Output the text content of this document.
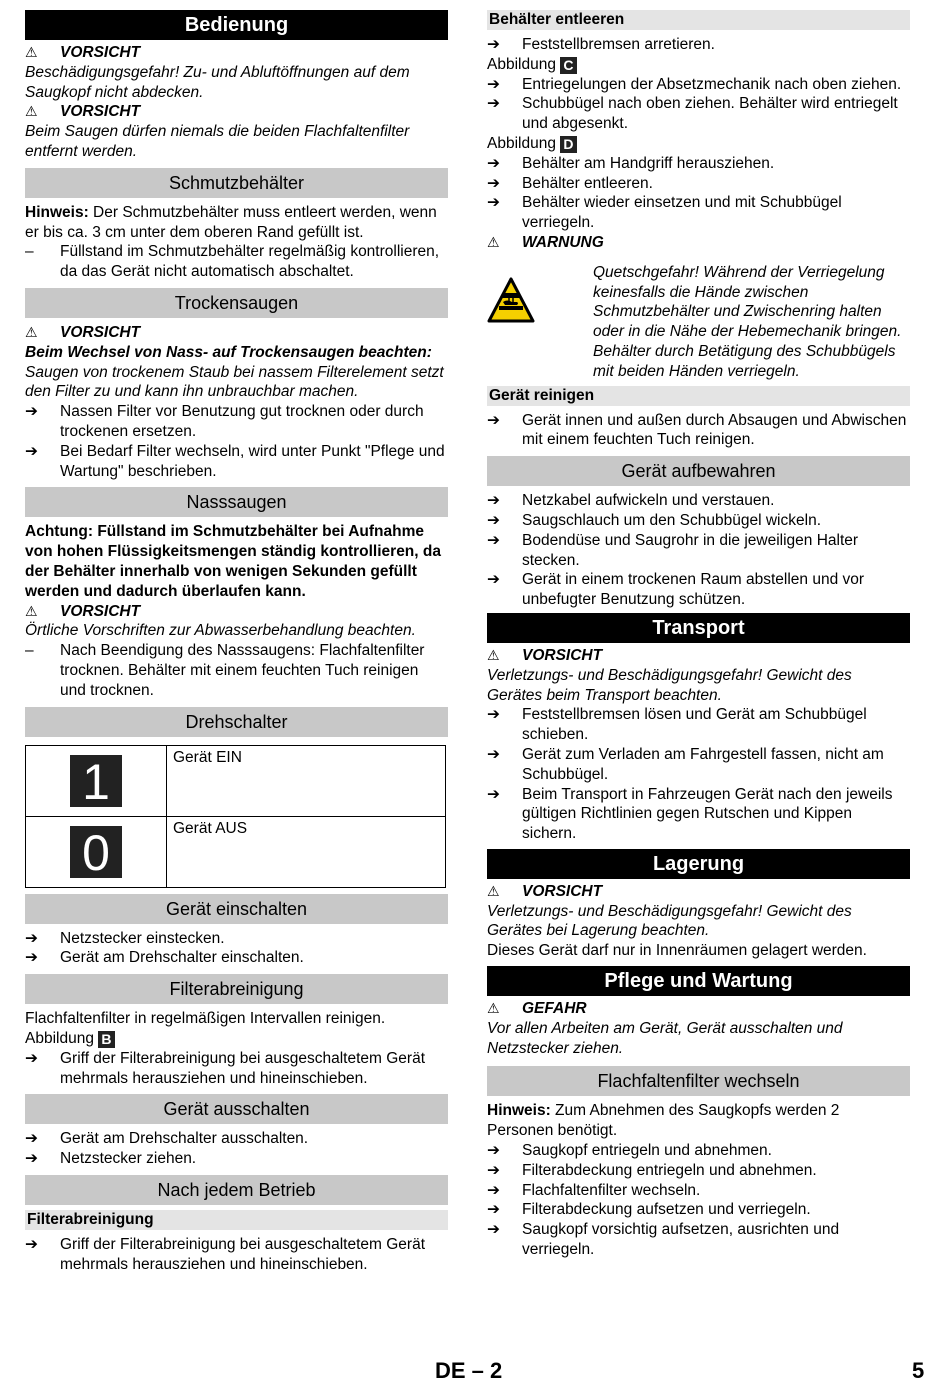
Bedienung
⚠	VORSICHT

Beschädigungsgefahr! Zu- und Abluftöffnungen auf dem Saugkopf nicht abdecken.

⚠	VORSICHT

Beim Saugen dürfen niemals die beiden Flachfaltenfilter entfernt werden.

Schmutzbehälter

Hinweis: Der Schmutzbehälter muss entleert werden, wenn er bis ca. 3 cm unter dem oberen Rand gefüllt ist.

–	Füllstand im Schmutzbehälter regelmäßig kontrollieren, da das Gerät nicht automatisch abschaltet.
Trockensaugen
⚠	VORSICHT

Beim Wechsel von Nass- auf Trockensaugen beachten:

Saugen von trockenem Staub bei nassem Filterelement setzt den Filter zu und kann ihn unbrauchbar machen.

➔	Nassen Filter vor Benutzung gut trocknen oder durch trockenen ersetzen.
➔	Bei Bedarf Filter wechseln, wird unter Punkt "Pflege und Wartung" beschrieben.
Nasssaugen

Achtung: Füllstand im Schmutzbehälter bei Aufnahme von hohen Flüssigkeitsmengen ständig kontrollieren, da der Behälter innerhalb von wenigen Sekunden gefüllt werden und dadurch überlaufen kann.

⚠	VORSICHT

Örtliche Vorschriften zur Abwasserbehandlung beachten.

–	Nach Beendigung des Nasssaugens: Flachfaltenfilter trocknen. Behälter mit einem feuchten Tuch reinigen und trocknen.
Drehschalter
1	Gerät EIN
0	Gerät AUS
Gerät einschalten
➔	Netzstecker einstecken.
➔	Gerät am Drehschalter einschalten.
Filterabreinigung

Flachfaltenfilter in regelmäßigen Intervallen reinigen.

Abbildung B

➔	Griff der Filterabreinigung bei ausgeschaltetem Gerät mehrmals herausziehen und hineinschieben.
Gerät ausschalten
➔	Gerät am Drehschalter ausschalten.
➔	Netzstecker ziehen.
Nach jedem Betrieb
Filterabreinigung
➔	Griff der Filterabreinigung bei ausgeschaltetem Gerät mehrmals herausziehen und hineinschieben.
Behälter entleeren
➔	Feststellbremsen arretieren.

Abbildung C

➔	Entriegelungen der Absetzmechanik nach oben ziehen.
➔	Schubbügel nach oben ziehen. Behälter wird entriegelt und abgesenkt.

Abbildung D

➔	Behälter am Handgriff herausziehen.
➔	Behälter entleeren.
➔	Behälter wieder einsetzen und mit Schubbügel verriegeln.
⚠	WARNUNG

Quetschgefahr! Während der Verriegelung keinesfalls die Hände zwischen Schmutzbehälter und Zwischenring halten oder in die Nähe der Hebemechanik bringen. Behälter durch Betätigung des Schubbügels mit beiden Händen verriegeln.

Gerät reinigen
➔	Gerät innen und außen durch Absaugen und Abwischen mit einem feuchten Tuch reinigen.
Gerät aufbewahren
➔	Netzkabel aufwickeln und verstauen.
➔	Saugschlauch um den Schubbügel wickeln.
➔	Bodendüse und Saugrohr in die jeweiligen Halter stecken.
➔	Gerät in einem trockenen Raum abstellen und vor unbefugter Benutzung schützen.
Transport
⚠	VORSICHT

Verletzungs- und Beschädigungsgefahr! Gewicht des Gerätes beim Transport beachten.

➔	Feststellbremsen lösen und Gerät am Schubbügel schieben.
➔	Gerät zum Verladen am Fahrgestell fassen, nicht am Schubbügel.
➔	Beim Transport in Fahrzeugen Gerät nach den jeweils gültigen Richtlinien gegen Rutschen und Kippen sichern.
Lagerung
⚠	VORSICHT

Verletzungs- und Beschädigungsgefahr! Gewicht des Gerätes bei Lagerung beachten.

Dieses Gerät darf nur in Innenräumen gelagert werden.

Pflege und Wartung
⚠	GEFAHR

Vor allen Arbeiten am Gerät, Gerät ausschalten und Netzstecker ziehen.

Flachfaltenfilter wechseln

Hinweis: Zum Abnehmen des Saugkopfs werden 2 Personen benötigt.

➔	Saugkopf entriegeln und abnehmen.
➔	Filterabdeckung entriegeln und abnehmen.
➔	Flachfaltenfilter wechseln.
➔	Filterabdeckung aufsetzen und verriegeln.
➔	Saugkopf vorsichtig aufsetzen, ausrichten und verriegeln.
DE – 2	5
